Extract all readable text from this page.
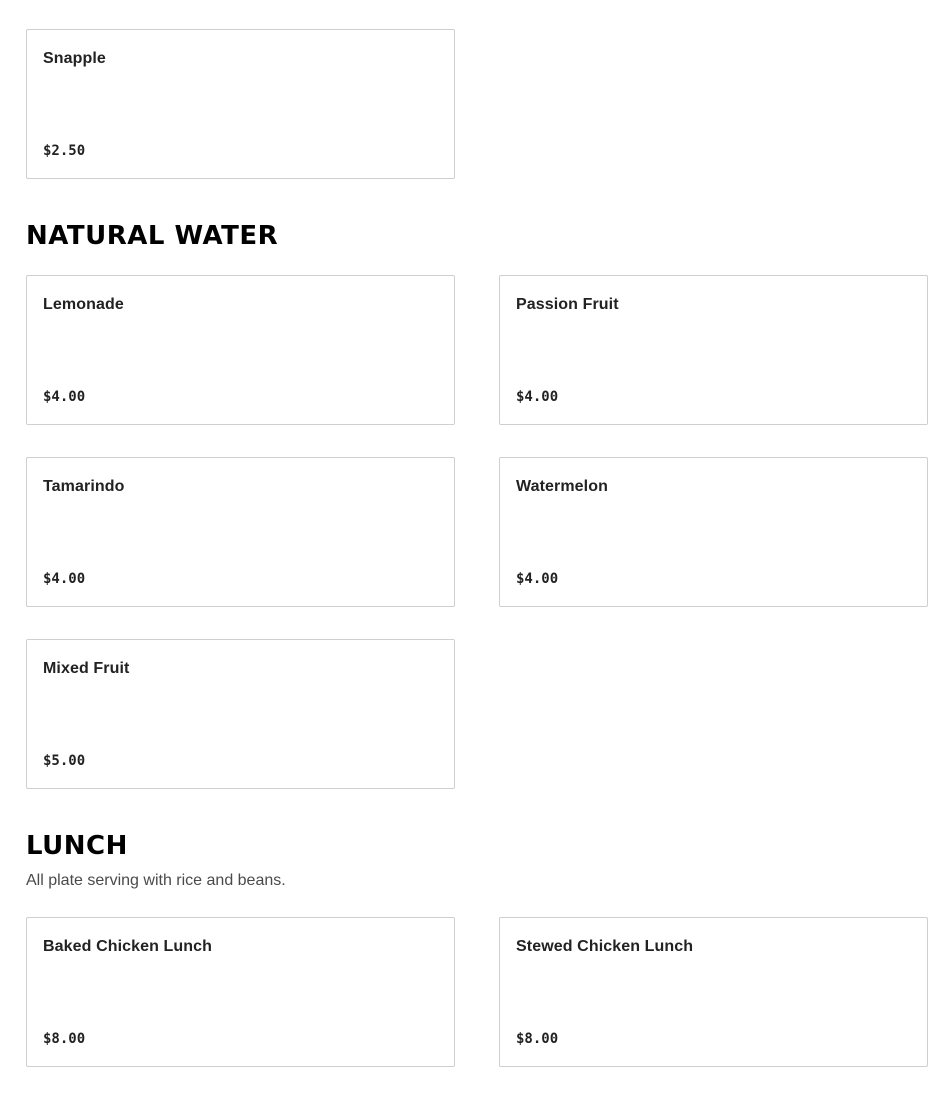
Snapple
$2.50
NATURAL WATER
Lemonade
$4.00
Passion Fruit
$4.00
Tamarindo
$4.00
Watermelon
$4.00
Mixed Fruit
$5.00
LUNCH

All plate serving with rice and beans.

Baked Chicken Lunch
$8.00
Stewed Chicken Lunch
$8.00
